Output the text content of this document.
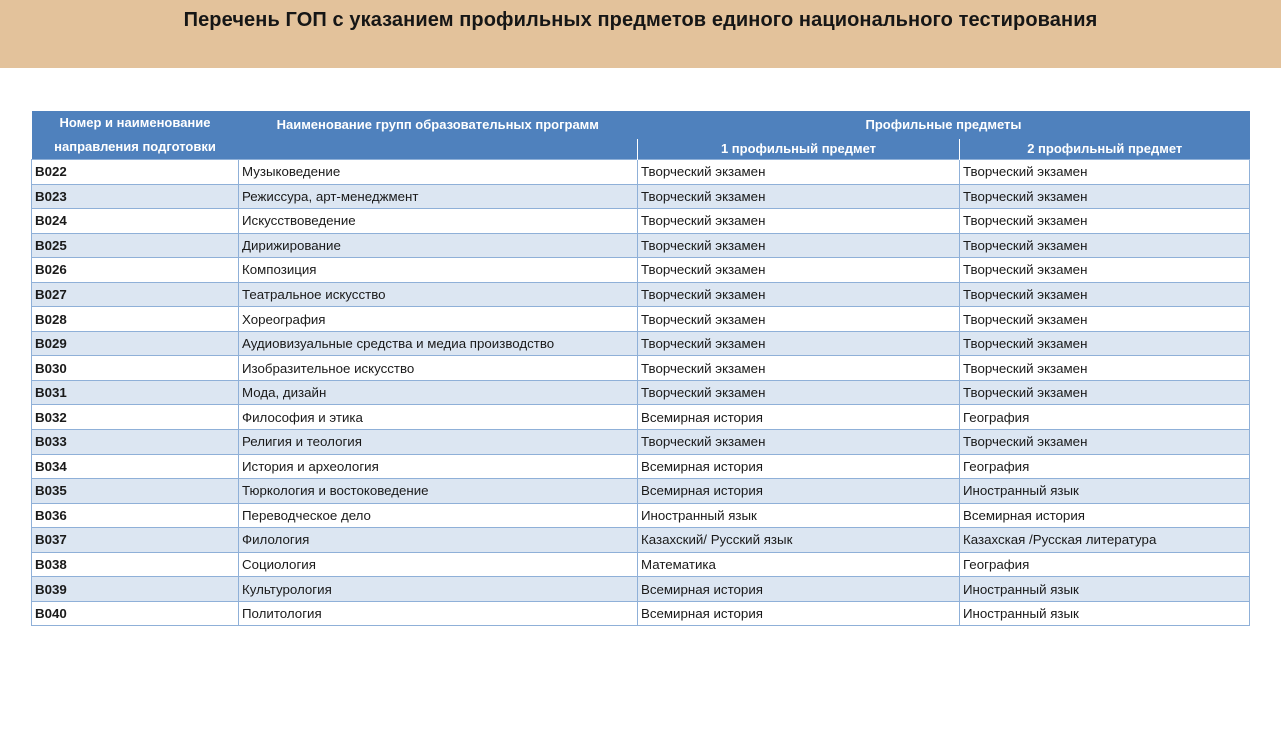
Перечень ГОП с указанием профильных предметов единого национального тестирования
Номер и наименование
направления подготовки	Наименование групп образовательных программ	Профильные предметы	
		1 профильный предмет	2 профильный предмет
B022	Музыковедение	Творческий экзамен	Творческий экзамен
B023	Режиссура, арт-менеджмент	Творческий экзамен	Творческий экзамен
B024	Искусствоведение	Творческий экзамен	Творческий экзамен
B025	Дирижирование	Творческий экзамен	Творческий экзамен
B026	Композиция	Творческий экзамен	Творческий экзамен
B027	Театральное искусство	Творческий экзамен	Творческий экзамен
B028	Хореография	Творческий экзамен	Творческий экзамен
B029	Аудиовизуальные средства и медиа производство	Творческий экзамен	Творческий экзамен
B030	Изобразительное искусство	Творческий экзамен	Творческий экзамен
B031	Мода, дизайн	Творческий экзамен	Творческий экзамен
B032	Философия и этика	Всемирная история	География
B033	Религия и теология	Творческий экзамен	Творческий экзамен
B034	История и археология	Всемирная история	География
B035	Тюркология и востоковедение	Всемирная история	Иностранный язык
B036	Переводческое дело	Иностранный язык	Всемирная история
B037	Филология	Казахский/ Русский язык	Казахская /Русская литература
B038	Социология	Математика	География
B039	Культурология	Всемирная история	Иностранный язык
B040	Политология	Всемирная история	Иностранный язык
